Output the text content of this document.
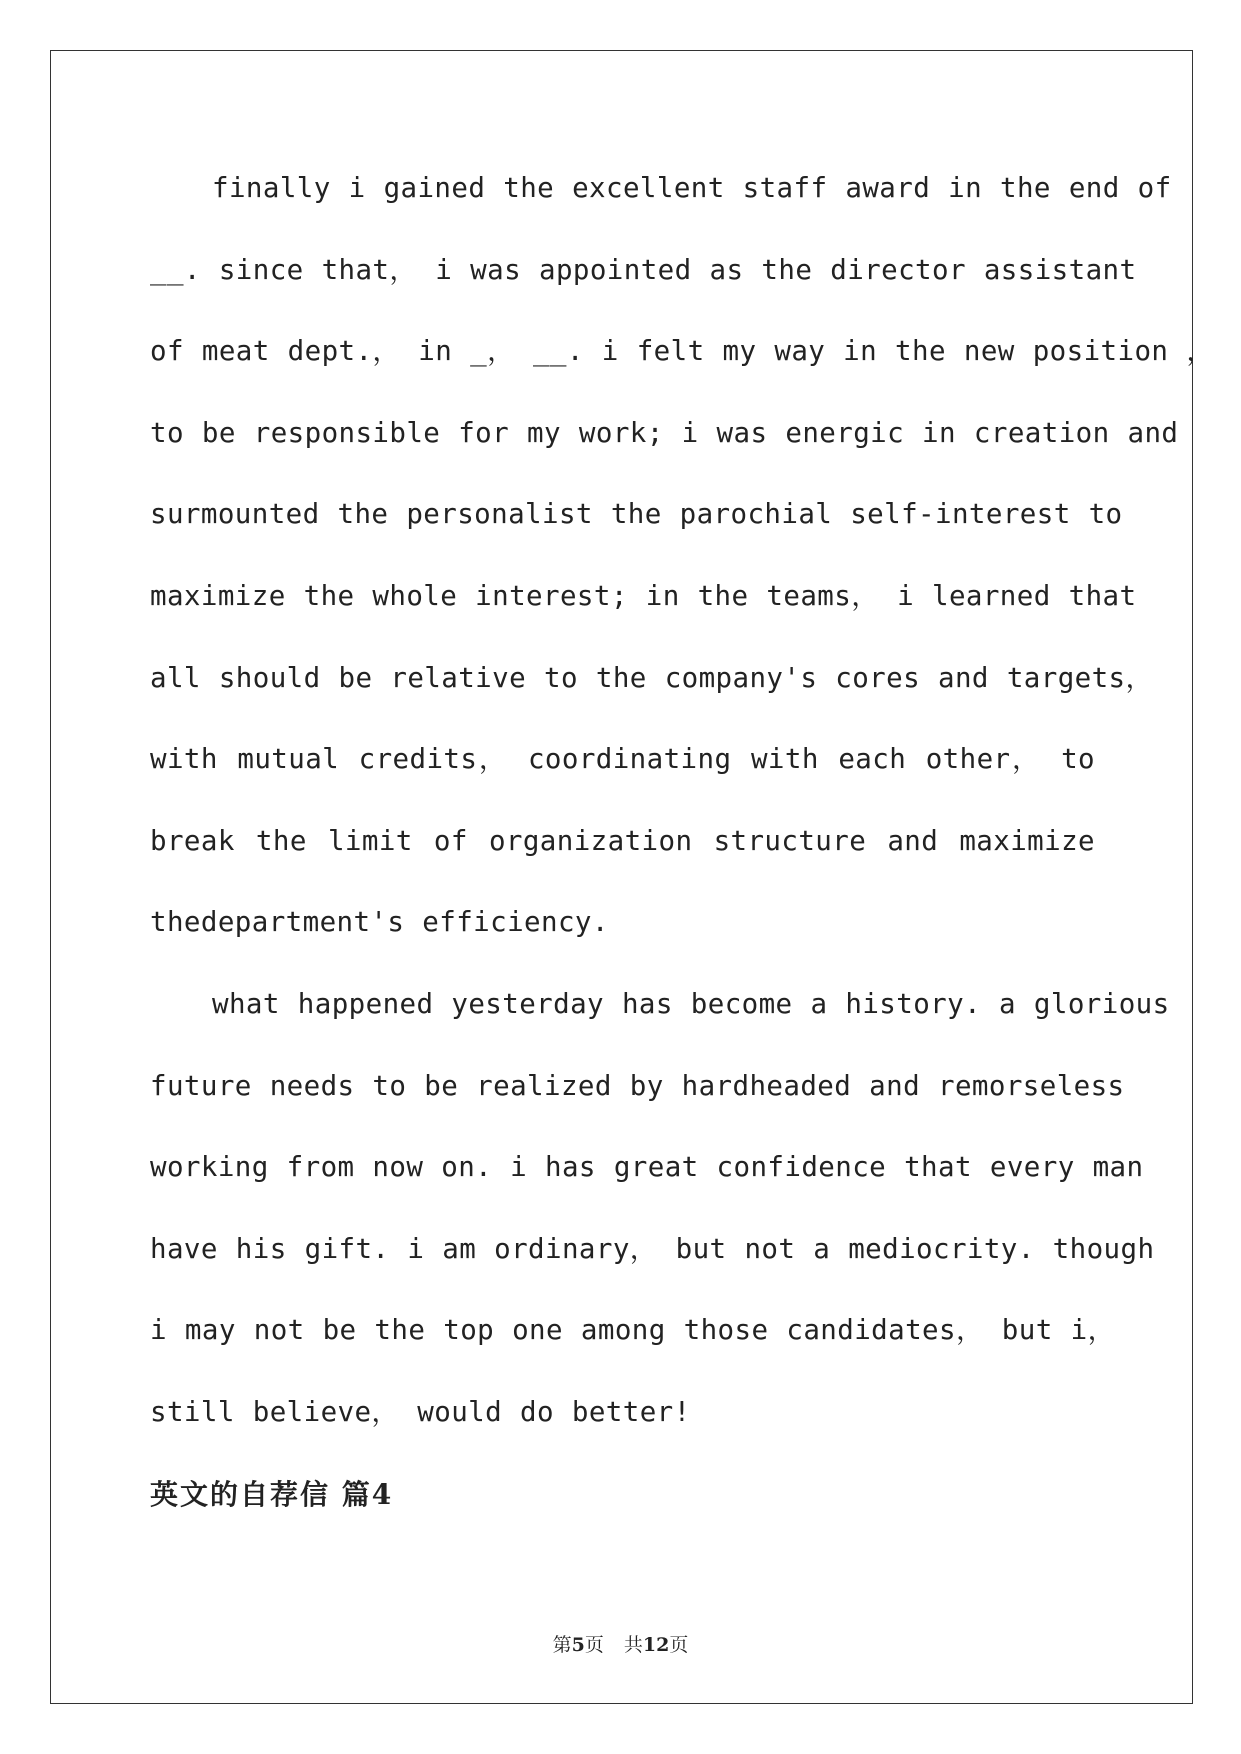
finally i gained the excellent staff award in the end of
__. since that， i was appointed as the director assistant
of meat dept.， in _， __. i felt my way in the new position ，
to be responsible for my work; i was energic in creation and
surmounted the personalist the parochial self-interest to
maximize the whole interest; in the teams， i learned that
all should be relative to the company's cores and targets，
with mutual credits， coordinating with each other， to
break the limit of organization structure and maximize
thedepartment's efficiency.

what happened yesterday has become a history. a glorious
future needs to be realized by hardheaded and remorseless
working from now on. i has great confidence that every man
have his gift. i am ordinary， but not a mediocrity. though
i may not be the top one among those candidates， but i，
still believe， would do better!

英文的自荐信 篇4
第5页 共12页
